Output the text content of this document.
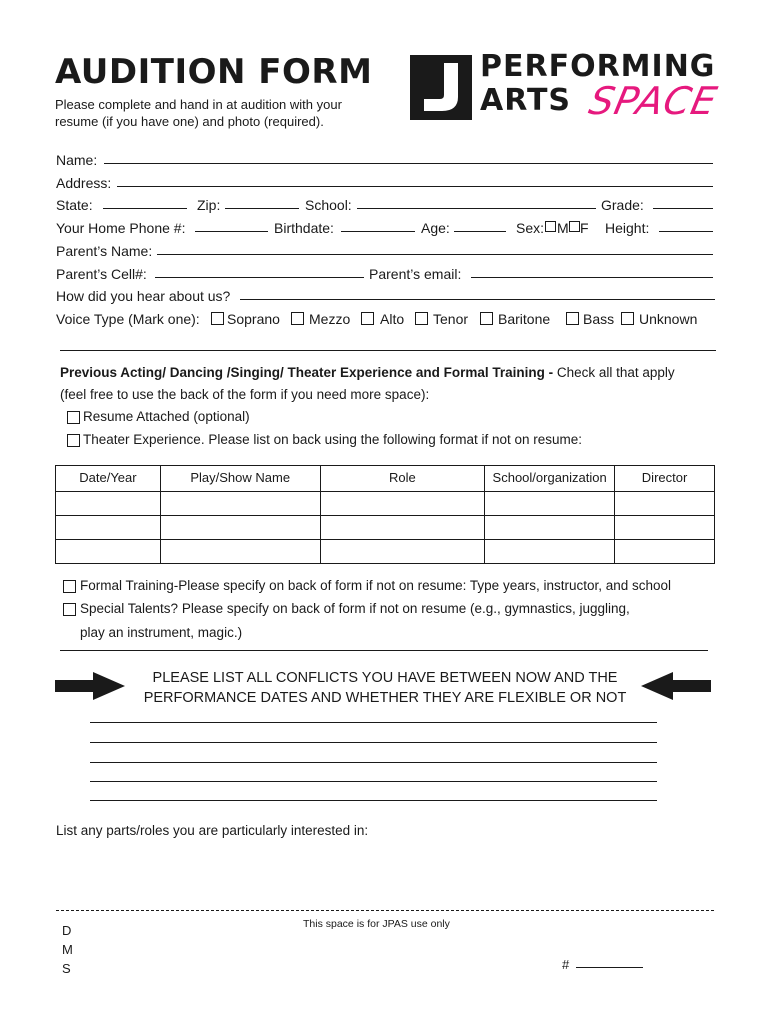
AUDITION FORM
Please complete and hand in at audition with your resume (if you have one) and photo (required).
PERFORMING
ARTS SPACE
Name:
Address:
State:	Zip:	School:	Grade:
Your Home Phone #:	Birthdate:	Age:	Sex: M F Height:
Parent’s Name:
Parent’s Cell#:	Parent’s email:
How did you hear about us?
Voice Type (Mark one): Soprano Mezzo Alto Tenor Baritone Bass Unknown
Previous Acting/ Dancing /Singing/ Theater Experience and Formal Training - Check all that apply
(feel free to use the back of the form if you need more space):
Resume Attached (optional)
Theater Experience. Please list on back using the following format if not on resume:
Date/Year	Play/Show Name	Role	School/organization	Director

Formal Training-Please specify on back of form if not on resume: Type years, instructor, and school
Special Talents? Please specify on back of form if not on resume (e.g., gymnastics, juggling,
play an instrument, magic.)
PLEASE LIST ALL CONFLICTS YOU HAVE BETWEEN NOW AND THE
PERFORMANCE DATES AND WHETHER THEY ARE FLEXIBLE OR NOT
List any parts/roles you are particularly interested in:
This space is for JPAS use only
D
M
S	#
